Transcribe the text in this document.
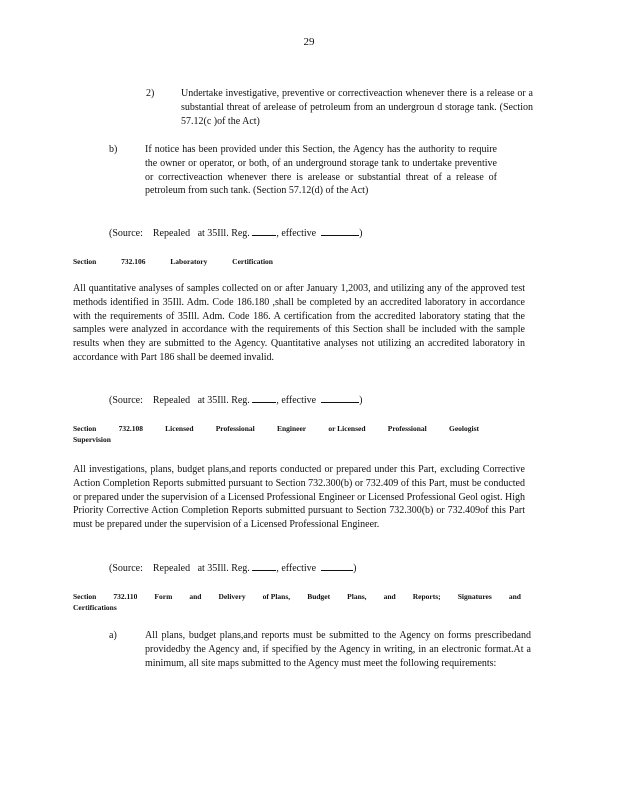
29
2)	Undertake investigative, preventive or correctiveaction whenever there is a release or a substantial threat of arelease of petroleum from an undergroun d storage tank. (Section 57.12(c )of the Act)

b)	If notice has been provided under this Section, the Agency has the authority to require the owner or operator, or both, of an underground storage tank to undertake preventive or correctiveaction whenever there is arelease or substantial threat of a release of petroleum from such tank. (Section 57.12(d) of the Act)

(Source: Repealed at 35Ill. Reg.	, effective	)
Section	732.106	Laboratory	Certification

All quantitative analyses of samples collected on or after January 1,2003, and utilizing any of the approved test methods identified in 35Ill. Adm. Code 186.180 ,shall be completed by an accredited laboratory in accordance with the requirements of 35Ill. Adm. Code 186. A certification from the accredited laboratory stating that the samples were analyzed in accordance with the requirements of this Section shall be included with the sample results when they are submitted to the Agency. Quantitative analyses not utilizing an accredited laboratory in accordance with Part 186 shall be deemed invalid.

(Source: Repealed at 35Ill. Reg.	, effective	)
Section	732.108	Licensed	Professional	Engineer	or Licensed	Professional	Geologist
Supervision

All investigations, plans, budget plans,and reports conducted or prepared under this Part, excluding Corrective Action Completion Reports submitted pursuant to Section 732.300(b) or 732.409 of this Part, must be conducted or prepared under the supervision of a Licensed Professional Engineer or Licensed Professional Geol ogist. High Priority Corrective Action Completion Reports submitted pursuant to Section 732.300(b) or 732.409of this Part must be prepared under the supervision of a Licensed Professional Engineer.

(Source: Repealed at 35Ill. Reg.	, effective	)
Section 732.110 Form and Delivery of Plans, Budget Plans, and Reports; Signatures and
Certifications
a)	All plans, budget plans,and reports must be submitted to the Agency on forms prescribedand providedby the Agency and, if specified by the Agency in writing, in an electronic format.At a minimum, all site maps submitted to the Agency must meet the following requirements:
